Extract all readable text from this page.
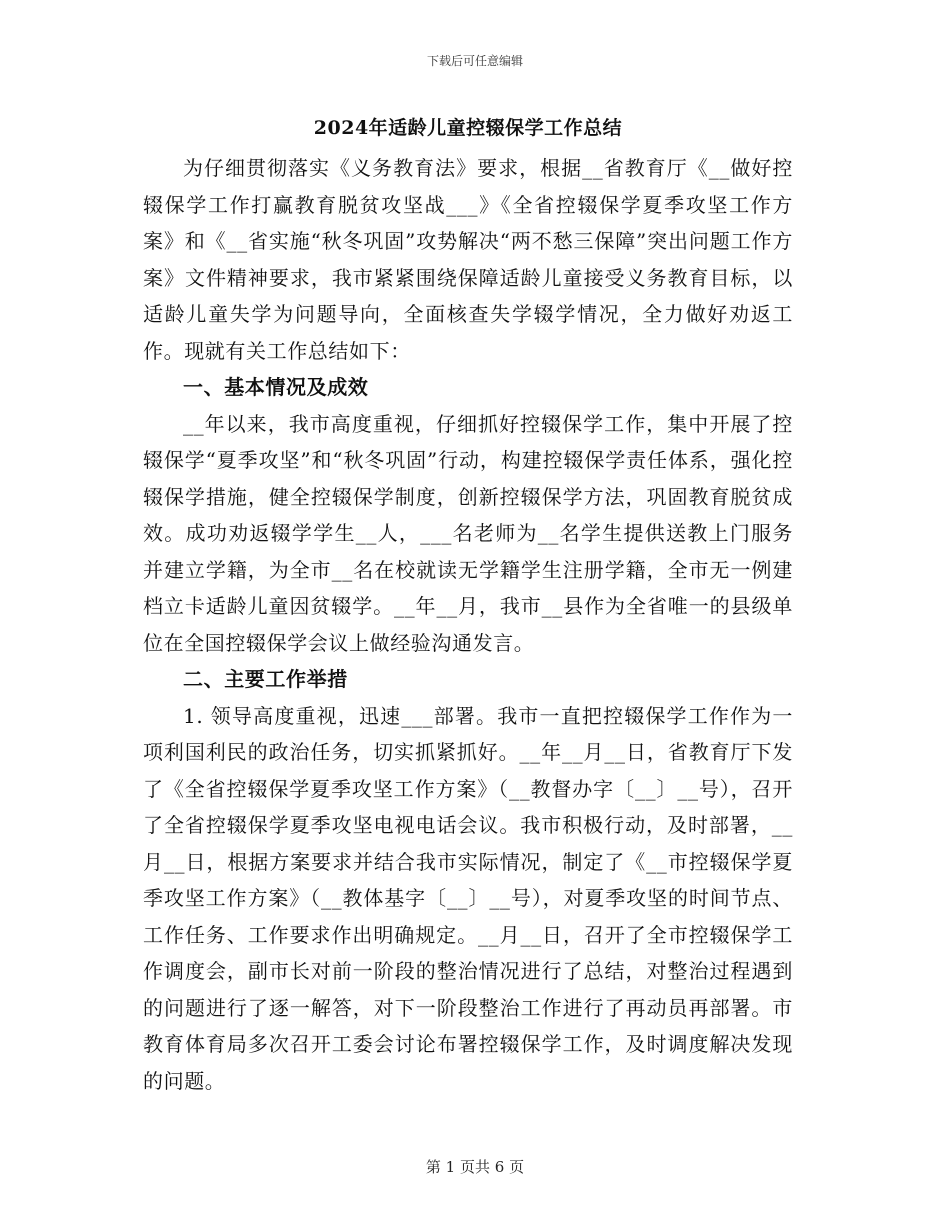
下载后可任意编辑
2024年适龄儿童控辍保学工作总结

为仔细贯彻落实《义务教育法》要求，根据__省教育厅《__做好控辍保学工作打赢教育脱贫攻坚战___》《全省控辍保学夏季攻坚工作方案》和《__省实施“秋冬巩固”攻势解决“两不愁三保障”突出问题工作方案》文件精神要求，我市紧紧围绕保障适龄儿童接受义务教育目标，以适龄儿童失学为问题导向，全面核查失学辍学情况，全力做好劝返工作。现就有关工作总结如下：

一、基本情况及成效

__年以来，我市高度重视，仔细抓好控辍保学工作，集中开展了控辍保学“夏季攻坚”和“秋冬巩固”行动，构建控辍保学责任体系，强化控辍保学措施，健全控辍保学制度，创新控辍保学方法，巩固教育脱贫成效。成功劝返辍学学生__人，___名老师为__名学生提供送教上门服务并建立学籍，为全市__名在校就读无学籍学生注册学籍，全市无一例建档立卡适龄儿童因贫辍学。__年__月，我市__县作为全省唯一的县级单位在全国控辍保学会议上做经验沟通发言。

二、主要工作举措

1. 领导高度重视，迅速___部署。我市一直把控辍保学工作作为一项利国利民的政治任务，切实抓紧抓好。__年__月__日，省教育厅下发了《全省控辍保学夏季攻坚工作方案》（__教督办字〔__〕__号），召开了全省控辍保学夏季攻坚电视电话会议。我市积极行动，及时部署，__月__日，根据方案要求并结合我市实际情况，制定了《__市控辍保学夏季攻坚工作方案》（__教体基字〔__〕__号），对夏季攻坚的时间节点、工作任务、工作要求作出明确规定。__月__日，召开了全市控辍保学工作调度会，副市长对前一阶段的整治情况进行了总结，对整治过程遇到的问题进行了逐一解答，对下一阶段整治工作进行了再动员再部署。市教育体育局多次召开工委会讨论布署控辍保学工作，及时调度解决发现的问题。

第 1 页共 6 页
